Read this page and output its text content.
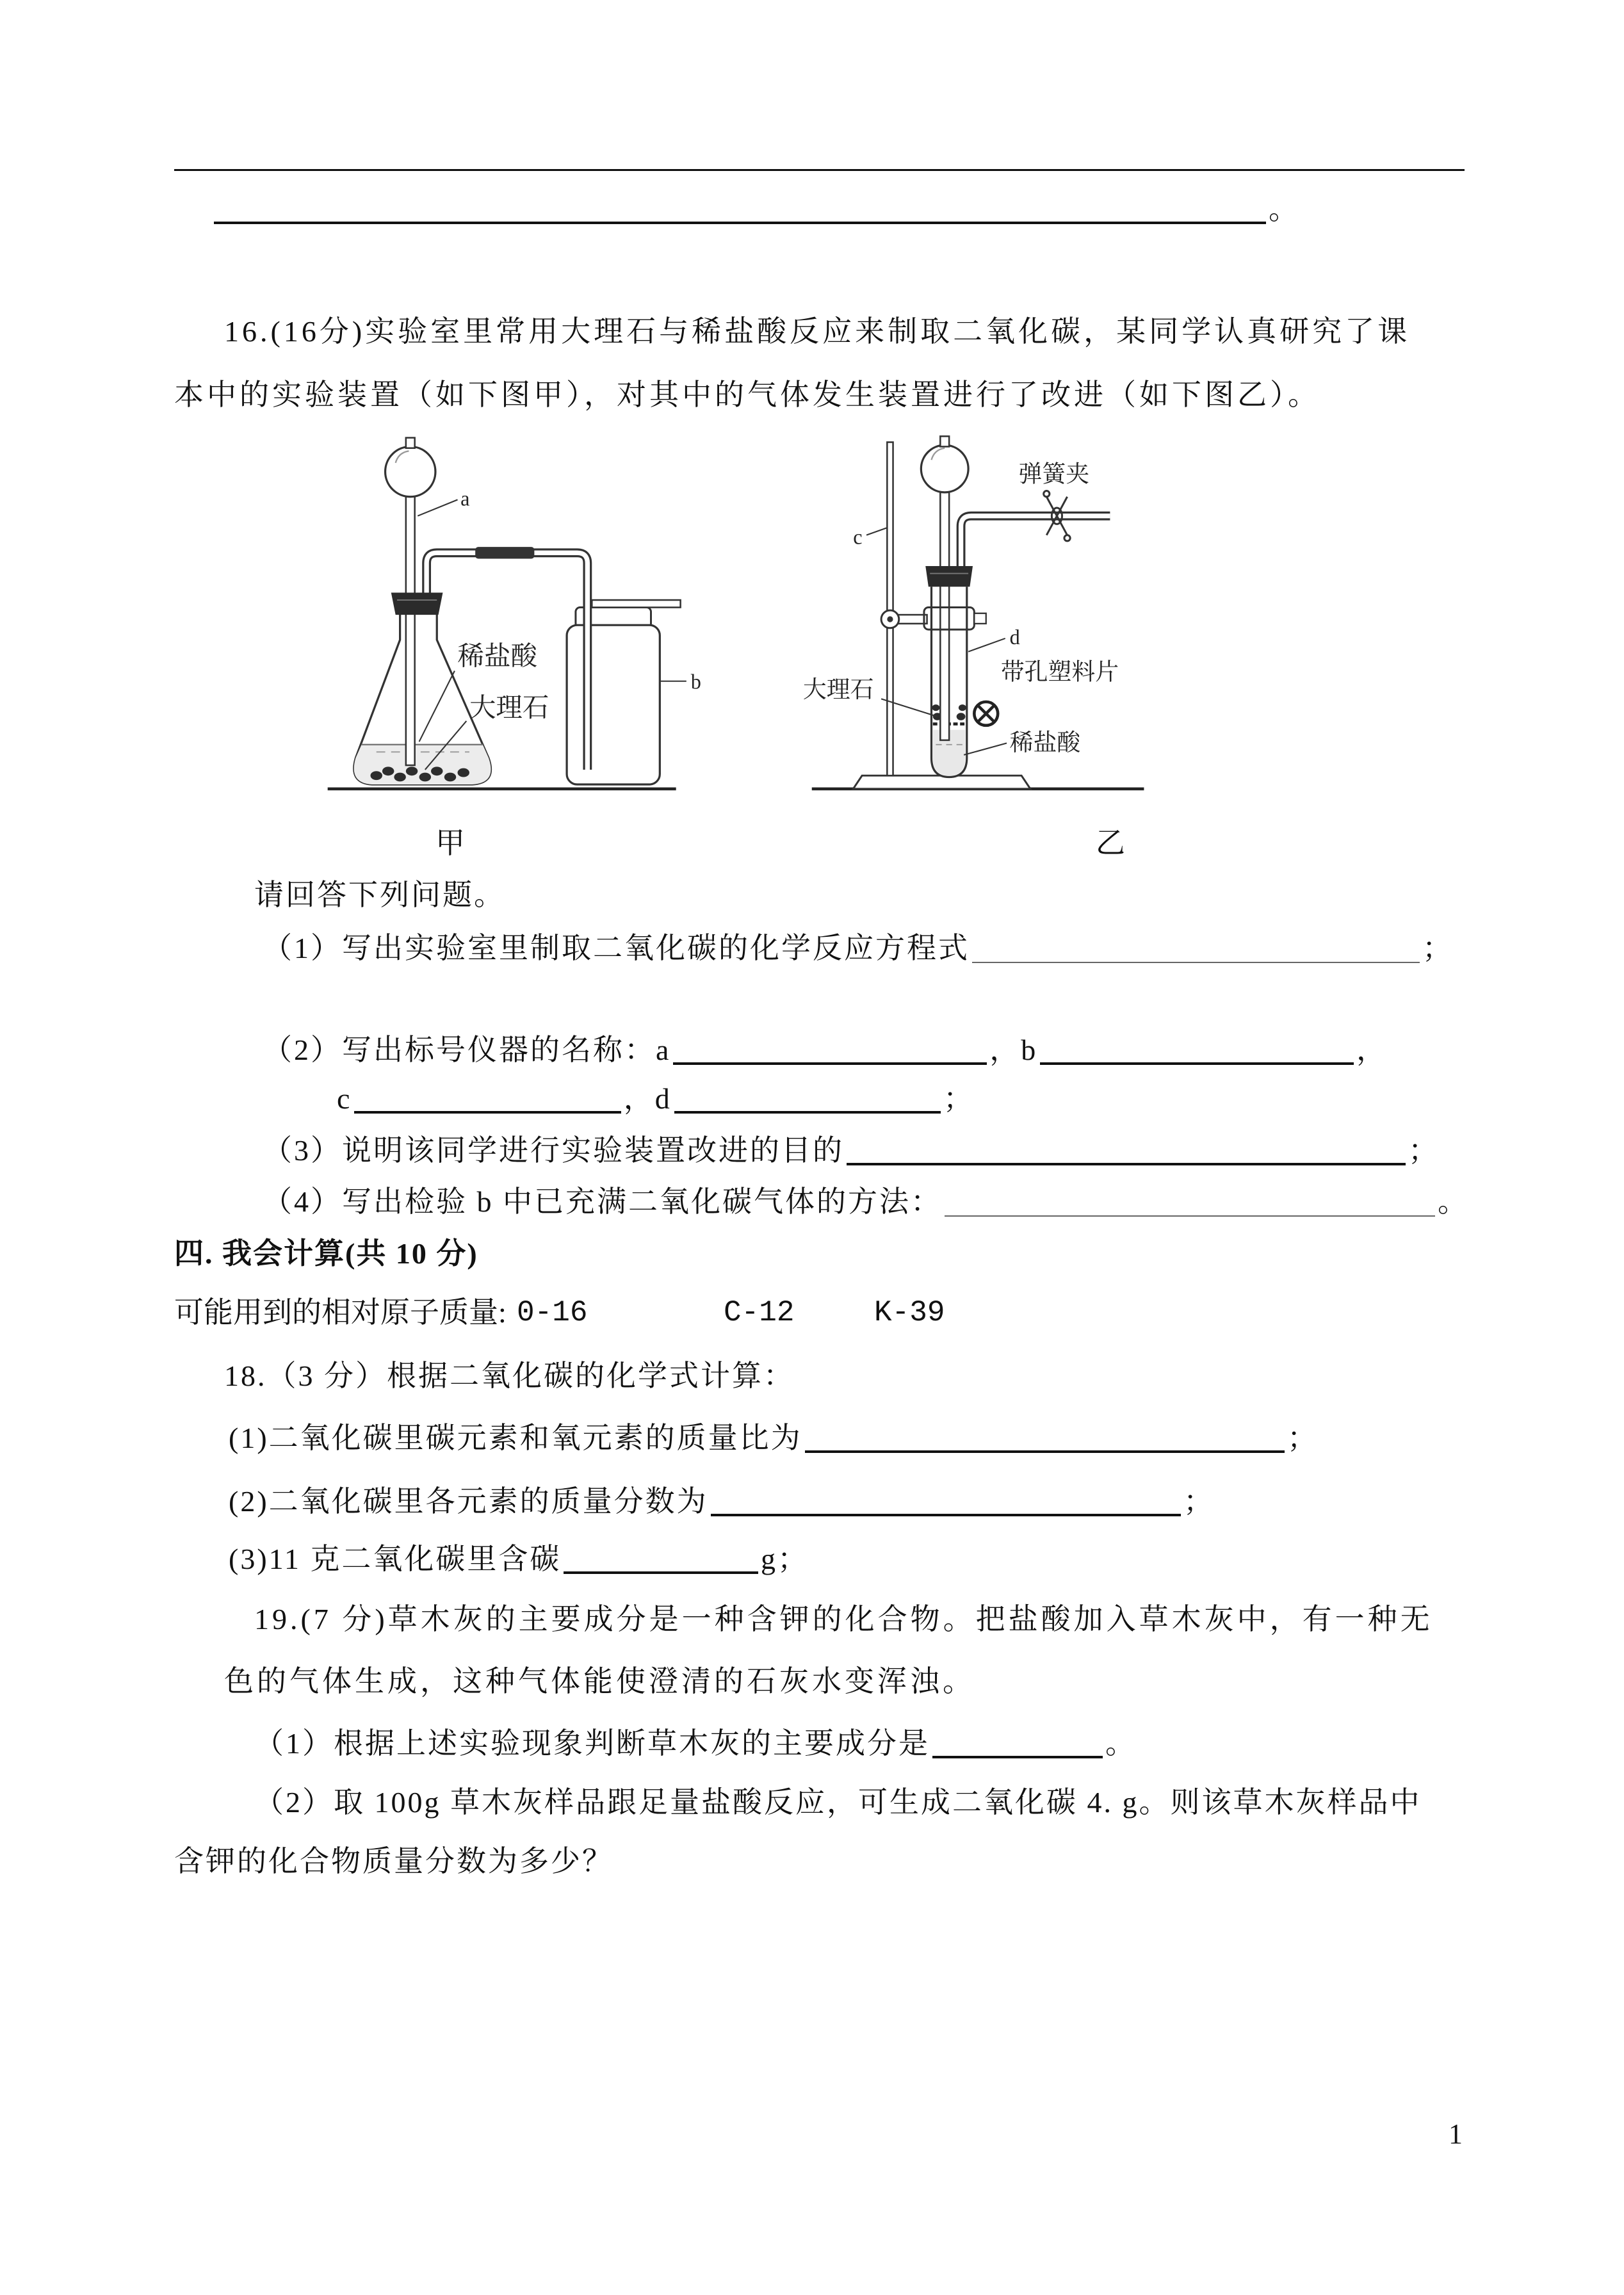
。
16.(16分)实验室里常用大理石与稀盐酸反应来制取二氧化碳，某同学认真研究了课
本中的实验装置（如下图甲），对其中的气体发生装置进行了改进（如下图乙）。
a
稀盐酸
大理石
b
弹簧夹
c
d
带孔塑料片
大理石
稀盐酸
甲	乙
请回答下列问题。
（1）写出实验室里制取二氧化碳的化学反应方程式	；
（2）写出标号仪器的名称： a	， b	，
c	， d	；
（3）说明该同学进行实验装置改进的目的	；
（4）写出检验 b 中已充满二氧化碳气体的方法：	。
四. 我会计算(共 10 分)
可能用到的相对原子质量: 0-16	C-12	K-39
18.（3 分）根据二氧化碳的化学式计算：
(1)二氧化碳里碳元素和氧元素的质量比为	；
(2)二氧化碳里各元素的质量分数为	；
(3)11 克二氧化碳里含碳	g；
19.(7 分)草木灰的主要成分是一种含钾的化合物。把盐酸加入草木灰中，有一种无
色的气体生成，这种气体能使澄清的石灰水变浑浊。
（1）根据上述实验现象判断草木灰的主要成分是	。
（2）取 100g 草木灰样品跟足量盐酸反应，可生成二氧化碳 4. g。则该草木灰样品中
含钾的化合物质量分数为多少？
1
